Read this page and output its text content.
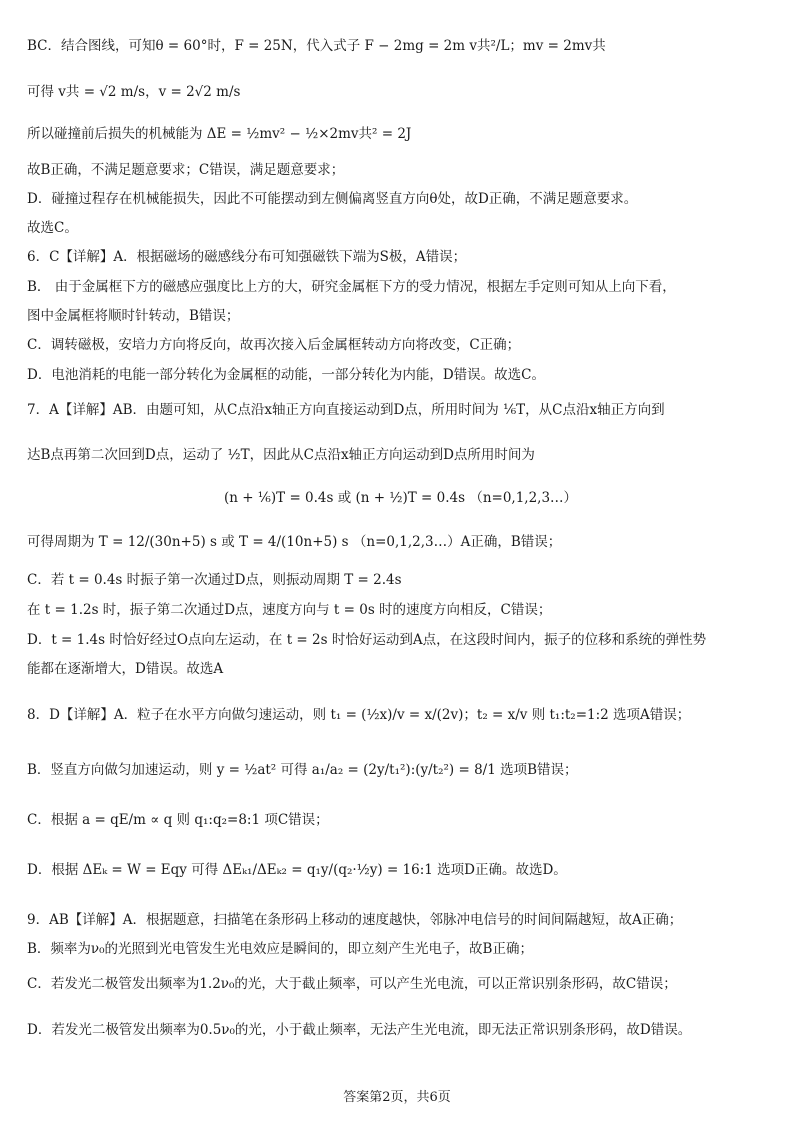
BC．结合图线，可知θ = 60°时，F = 25N，代入式子 F − 2mg = 2m v共²/L；mv = 2mv共
可得 v共 = √2 m/s，v = 2√2 m/s
所以碰撞前后损失的机械能为 ΔE = ½mv² − ½×2mv共² = 2J
故B正确，不满足题意要求；C错误，满足题意要求；
D．碰撞过程存在机械能损失，因此不可能摆动到左侧偏离竖直方向θ处，故D正确，不满足题意要求。
故选C。
6．C【详解】A．根据磁场的磁感线分布可知强磁铁下端为S极，A错误；
B． 由于金属框下方的磁感应强度比上方的大，研究金属框下方的受力情况，根据左手定则可知从上向下看，
图中金属框将顺时针转动，B错误；
C．调转磁极，安培力方向将反向，故再次接入后金属框转动方向将改变，C正确；
D．电池消耗的电能一部分转化为金属框的动能，一部分转化为内能，D错误。故选C。
7．A【详解】AB．由题可知，从C点沿x轴正方向直接运动到D点，所用时间为 ⅙T，从C点沿x轴正方向到
达B点再第二次回到D点，运动了 ½T，因此从C点沿x轴正方向运动到D点所用时间为
(n + ⅙)T = 0.4s 或 (n + ½)T = 0.4s （n=0,1,2,3…）
可得周期为 T = 12/(30n+5) s 或 T = 4/(10n+5) s （n=0,1,2,3…）A正确，B错误；
C．若 t = 0.4s 时振子第一次通过D点，则振动周期 T = 2.4s
在 t = 1.2s 时，振子第二次通过D点，速度方向与 t = 0s 时的速度方向相反，C错误；
D．t = 1.4s 时恰好经过O点向左运动，在 t = 2s 时恰好运动到A点，在这段时间内，振子的位移和系统的弹性势
能都在逐渐增大，D错误。故选A
8．D【详解】A．粒子在水平方向做匀速运动，则 t₁ = (½x)/v = x/(2v)；t₂ = x/v 则 t₁:t₂=1:2 选项A错误；
B．竖直方向做匀加速运动，则 y = ½at² 可得 a₁/a₂ = (2y/t₁²):(y/t₂²) = 8/1 选项B错误；
C．根据 a = qE/m ∝ q 则 q₁:q₂=8:1 项C错误；
D．根据 ΔEₖ = W = Eqy 可得 ΔEₖ₁/ΔEₖ₂ = q₁y/(q₂·½y) = 16:1 选项D正确。故选D。
9．AB【详解】A．根据题意，扫描笔在条形码上移动的速度越快，邻脉冲电信号的时间间隔越短，故A正确；
B．频率为ν₀的光照到光电管发生光电效应是瞬间的，即立刻产生光电子，故B正确；
C．若发光二极管发出频率为1.2ν₀的光，大于截止频率，可以产生光电流，可以正常识别条形码，故C错误；
D．若发光二极管发出频率为0.5ν₀的光，小于截止频率，无法产生光电流，即无法正常识别条形码，故D错误。
答案第2页，共6页
